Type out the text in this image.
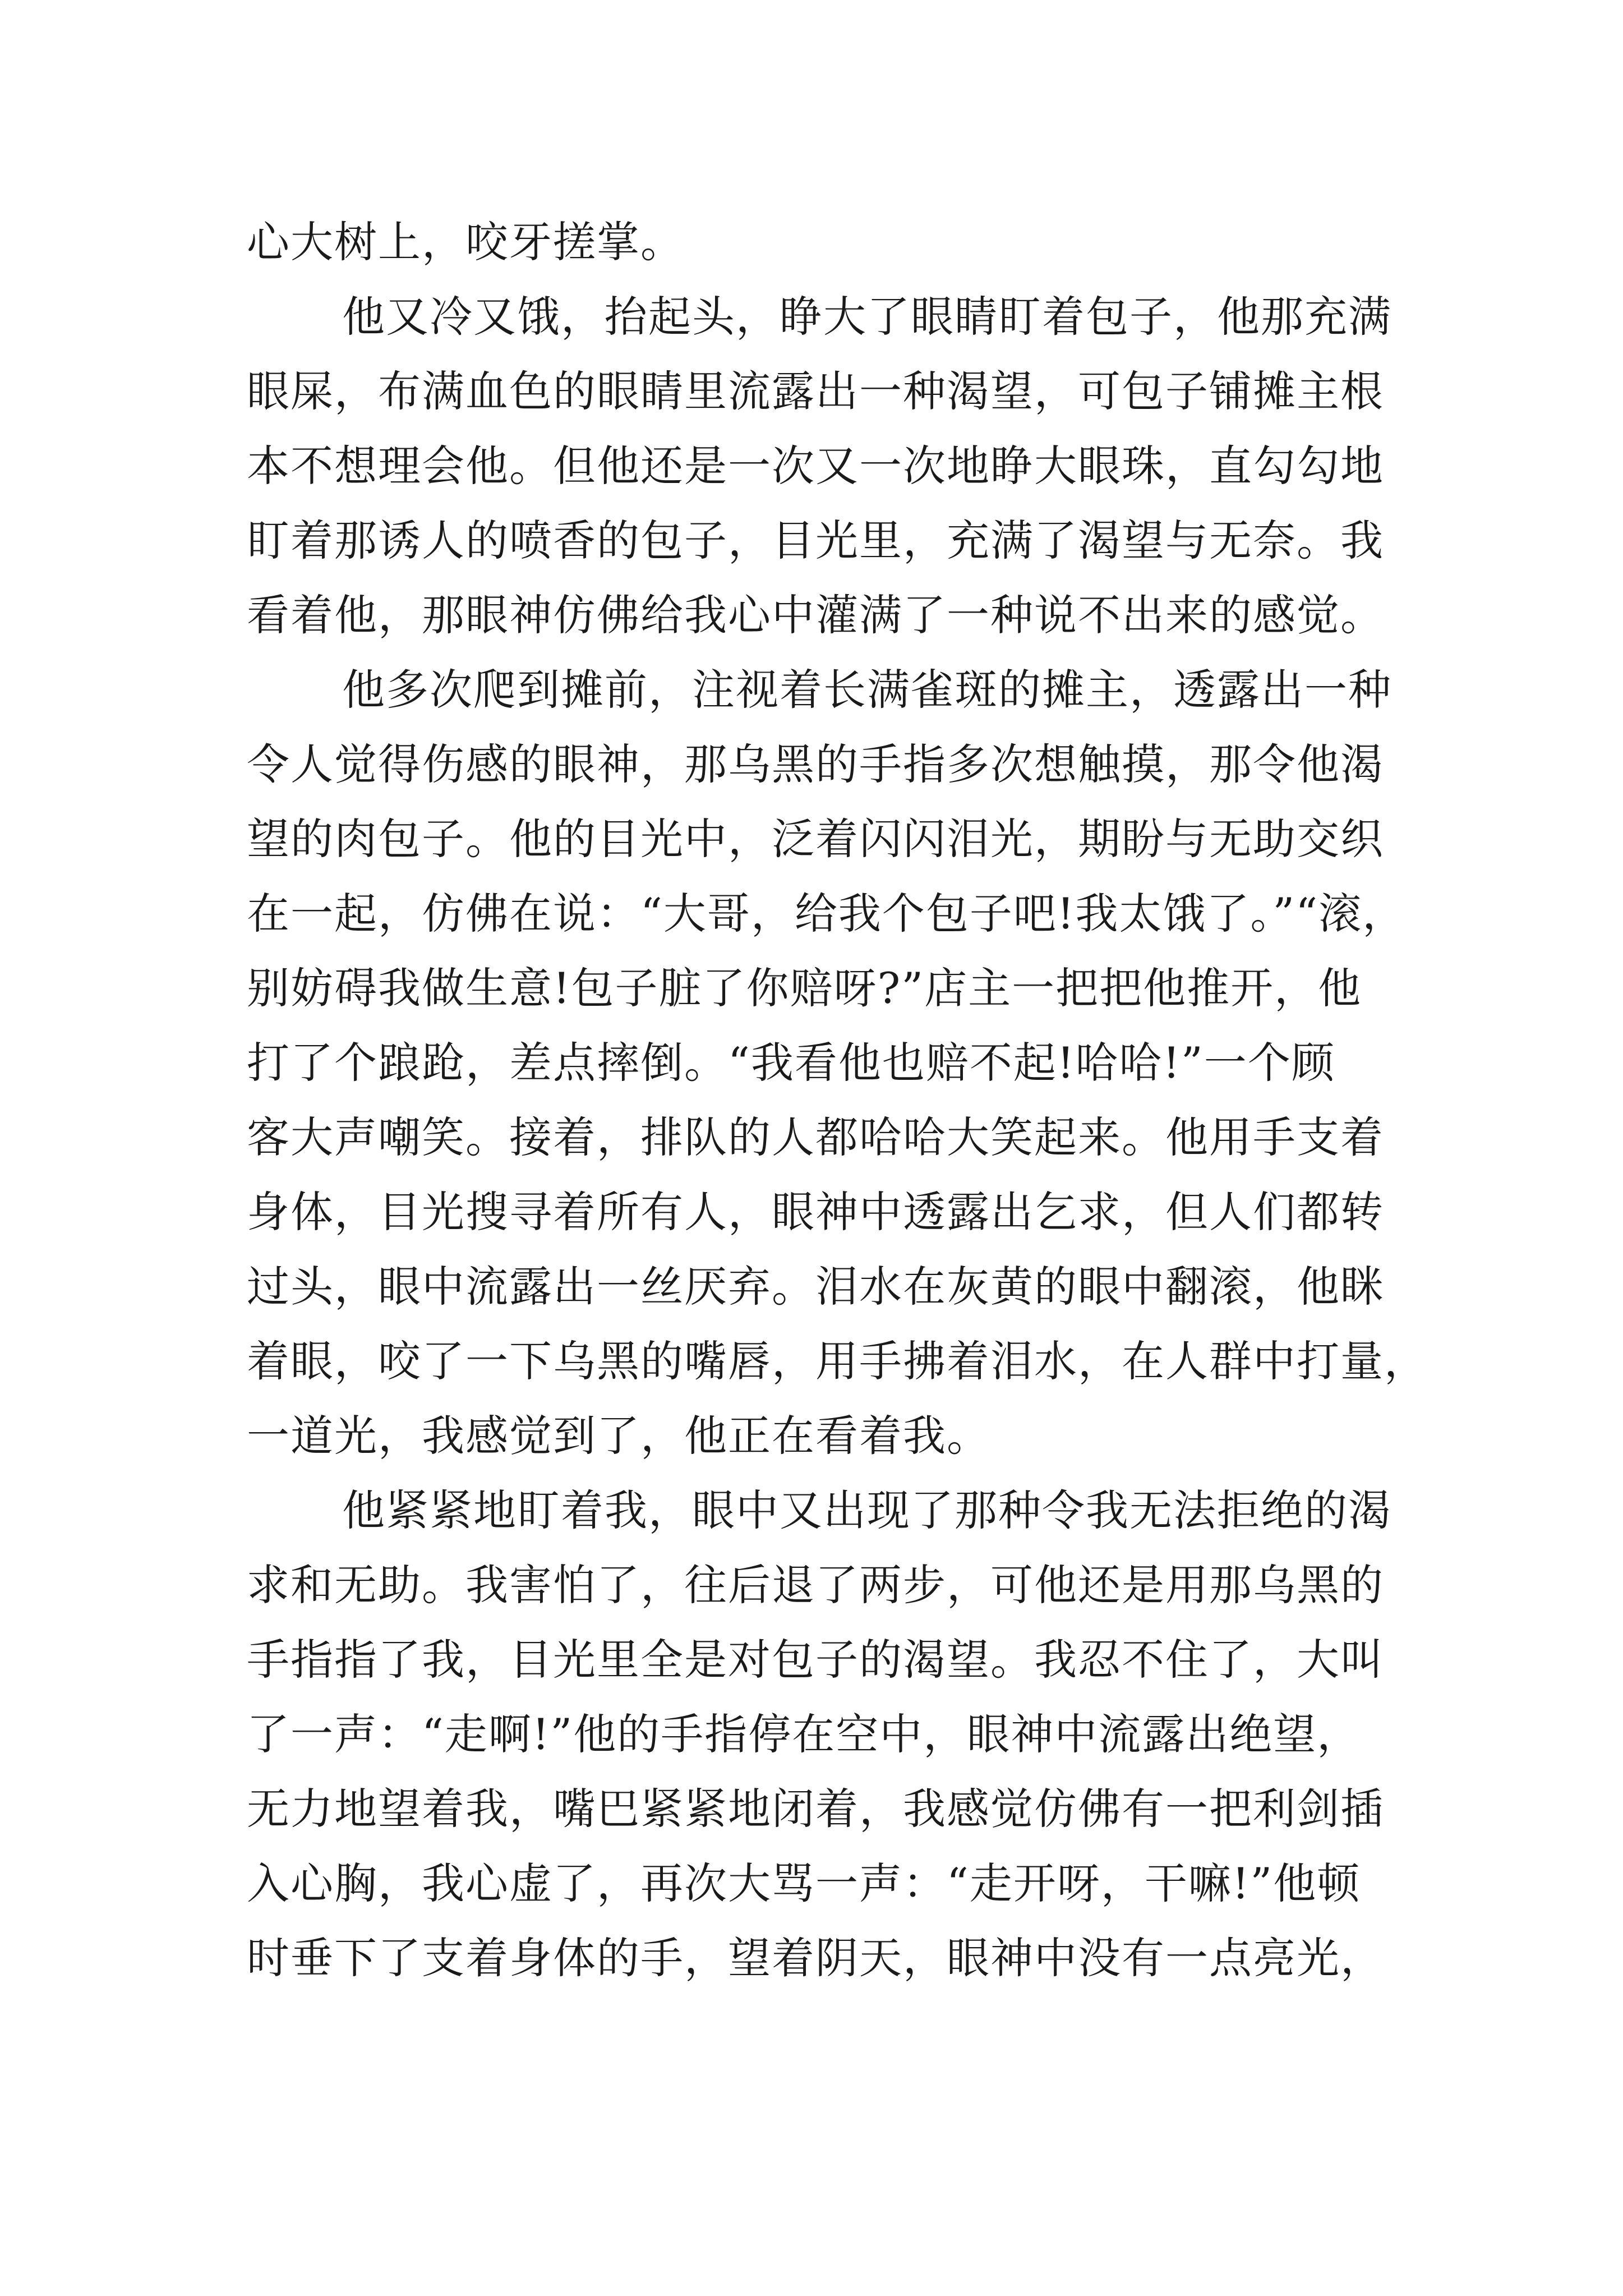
心大树上，咬牙搓掌。
他又冷又饿，抬起头，睁大了眼睛盯着包子，他那充满
眼屎，布满血色的眼睛里流露出一种渴望，可包子铺摊主根
本不想理会他。但他还是一次又一次地睁大眼珠，直勾勾地
盯着那诱人的喷香的包子，目光里，充满了渴望与无奈。我
看着他，那眼神仿佛给我心中灌满了一种说不出来的感觉。
他多次爬到摊前，注视着长满雀斑的摊主，透露出一种
令人觉得伤感的眼神，那乌黑的手指多次想触摸，那令他渴
望的肉包子。他的目光中，泛着闪闪泪光，期盼与无助交织
在一起，仿佛在说：“大哥，给我个包子吧!我太饿了。”“滚，
别妨碍我做生意!包子脏了你赔呀?”店主一把把他推开，他
打了个踉跄，差点摔倒。“我看他也赔不起!哈哈!”一个顾
客大声嘲笑。接着，排队的人都哈哈大笑起来。他用手支着
身体，目光搜寻着所有人，眼神中透露出乞求，但人们都转
过头，眼中流露出一丝厌弃。泪水在灰黄的眼中翻滚，他眯
着眼，咬了一下乌黑的嘴唇，用手拂着泪水，在人群中打量，
一道光，我感觉到了，他正在看着我。
他紧紧地盯着我，眼中又出现了那种令我无法拒绝的渴
求和无助。我害怕了，往后退了两步，可他还是用那乌黑的
手指指了我，目光里全是对包子的渴望。我忍不住了，大叫
了一声：“走啊!”他的手指停在空中，眼神中流露出绝望，
无力地望着我，嘴巴紧紧地闭着，我感觉仿佛有一把利剑插
入心胸，我心虚了，再次大骂一声：“走开呀，干嘛!”他顿
时垂下了支着身体的手，望着阴天，眼神中没有一点亮光，
